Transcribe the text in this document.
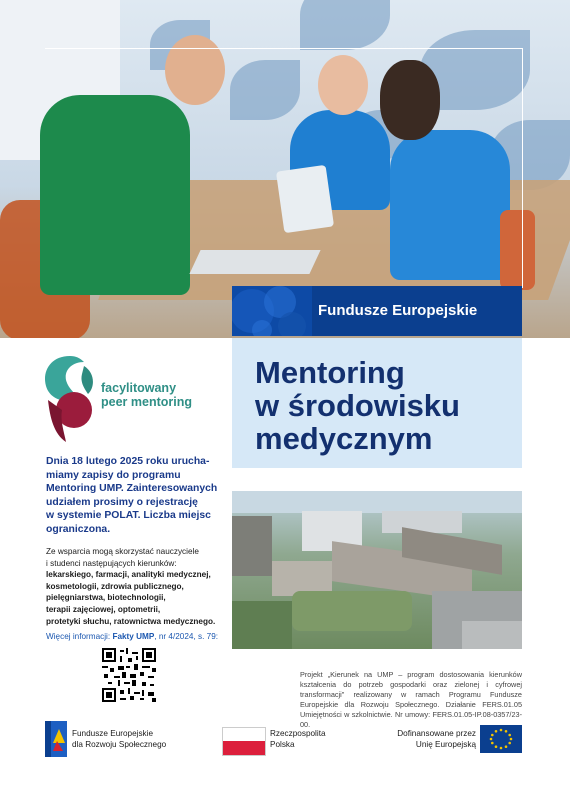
Fundusze Europejskie
Mentoring
w środowisku
medycznym
facylitowany
peer mentoring
Dnia 18 lutego 2025 roku urucha-
miamy zapisy do programu
Mentoring UMP. Zainteresowanych
udziałem prosimy o rejestrację
w systemie POLAT. Liczba miejsc
ograniczona.
Ze wsparcia mogą skorzystać nauczyciele
i studenci następujących kierunków:
lekarskiego, farmacji, analityki medycznej,
kosmetologii, zdrowia publicznego,
pielęgniarstwa, biotechnologii,
terapii zajęciowej, optometrii,
protetyki słuchu, ratownictwa medycznego.
Więcej informacji: Fakty UMP, nr 4/2024, s. 79:
Projekt „Kierunek na UMP – program dostosowania kierunków kształcenia do potrzeb gospodarki oraz zielonej i cyfrowej transformacji" realizowany w ramach Programu Fundusze Europejskie dla Rozwoju Społecznego. Działanie FERS.01.05 Umiejętności w szkolnictwie. Nr umowy: FERS.01.05-IP.08-0357/23-00.
Fundusze Europejskie
dla Rozwoju Społecznego
Rzeczpospolita
Polska
Dofinansowane przez
Unię Europejską
